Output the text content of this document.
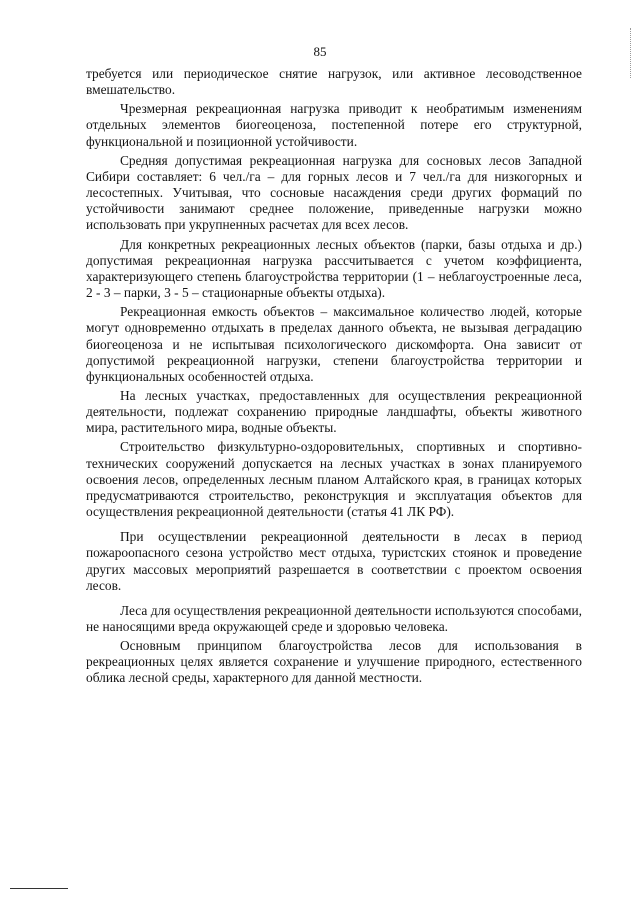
85

требуется или периодическое снятие нагрузок, или активное лесоводственное вмешательство.

Чрезмерная рекреационная нагрузка приводит к необратимым изменениям отдельных элементов биогеоценоза, постепенной потере его структурной, функциональной и позиционной устойчивости.

Средняя допустимая рекреационная нагрузка для сосновых лесов Западной Сибири составляет: 6 чел./га – для горных лесов и 7 чел./га для низкогорных и лесостепных. Учитывая, что сосновые насаждения среди других формаций по устойчивости занимают среднее положение, приведенные нагрузки можно использовать при укрупненных расчетах для всех лесов.

Для конкретных рекреационных лесных объектов (парки, базы отдыха и др.) допустимая рекреационная нагрузка рассчитывается с учетом коэффициента, характеризующего степень благоустройства территории (1 – неблагоустроенные леса, 2 - 3 – парки, 3 - 5 – стационарные объекты отдыха).

Рекреационная емкость объектов – максимальное количество людей, которые могут одновременно отдыхать в пределах данного объекта, не вызывая деградацию биогеоценоза и не испытывая психологического дискомфорта. Она зависит от допустимой рекреационной нагрузки, степени благоустройства территории и функциональных особенностей отдыха.

На лесных участках, предоставленных для осуществления рекреационной деятельности, подлежат сохранению природные ландшафты, объекты животного мира, растительного мира, водные объекты.

Строительство физкультурно-оздоровительных, спортивных и спортивно-технических сооружений допускается на лесных участках в зонах планируемого освоения лесов, определенных лесным планом Алтайского края, в границах которых предусматриваются строительство, реконструкция и эксплуатация объектов для осуществления рекреационной деятельности (статья 41 ЛК РФ).

При осуществлении рекреационной деятельности в лесах в период пожароопасного сезона устройство мест отдыха, туристских стоянок и проведение других массовых мероприятий разрешается в соответствии с проектом освоения лесов.

Леса для осуществления рекреационной деятельности используются способами, не наносящими вреда окружающей среде и здоровью человека.

Основным принципом благоустройства лесов для использования в рекреационных целях является сохранение и улучшение природного, естественного облика лесной среды, характерного для данной местности.
